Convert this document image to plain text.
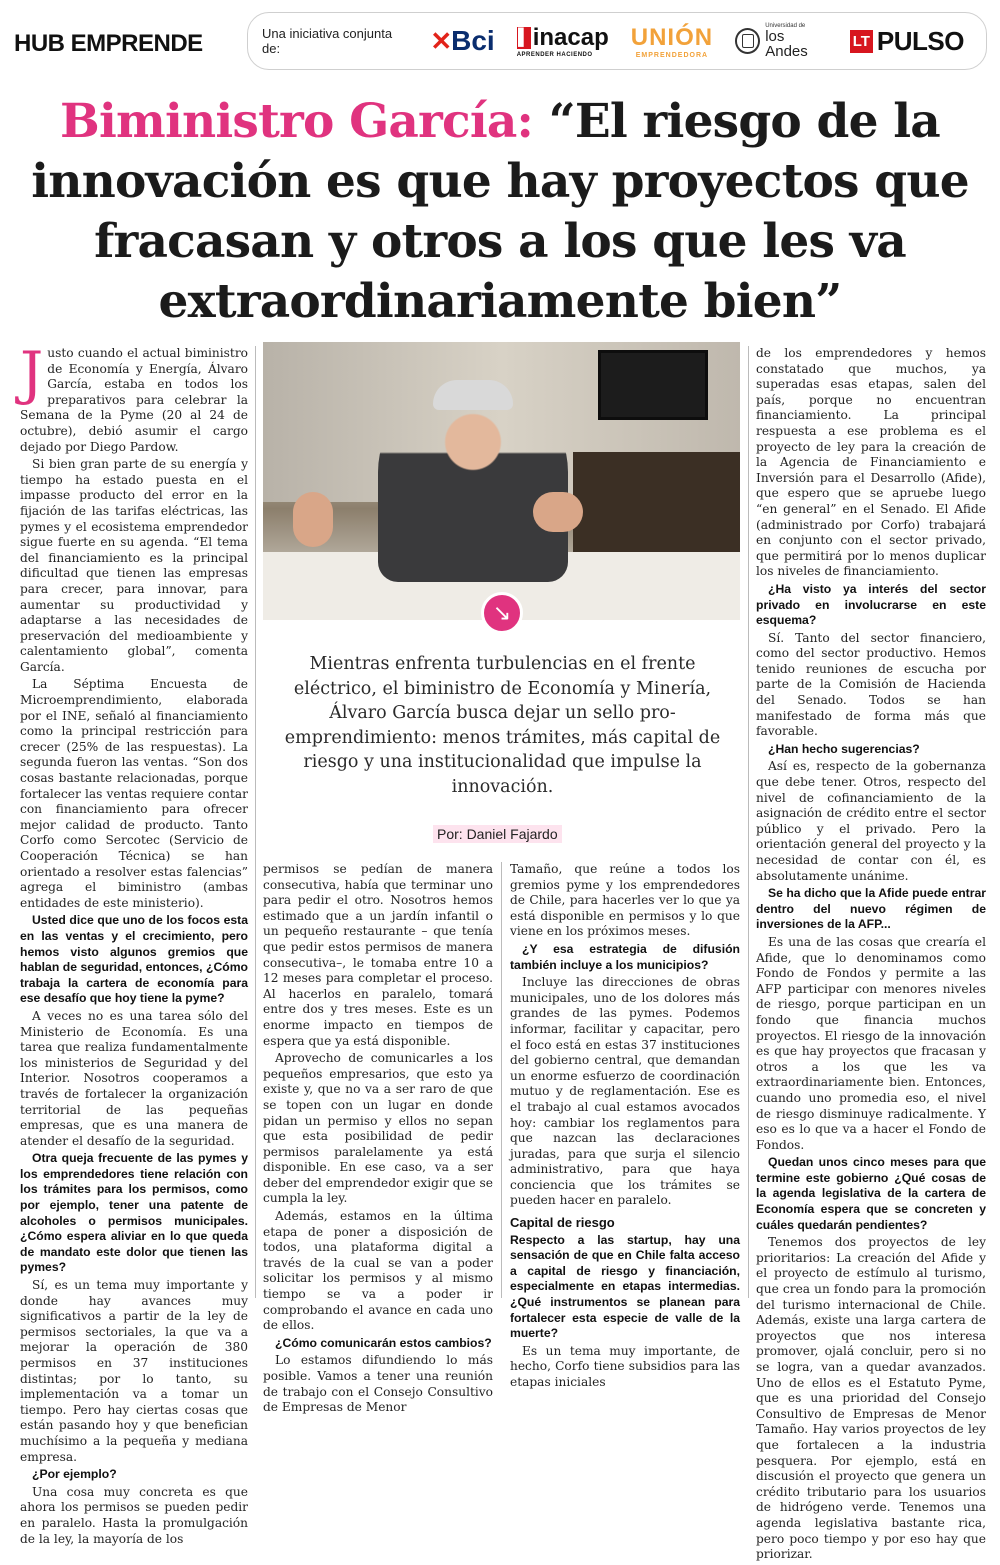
HUB EMPRENDE	Una iniciativa conjunta de:	✕ Bci ▌ inacap
APRENDER HACIENDO
UNIÓN
EMPRENDEDORA
Universidad de
los Andes
LT PULSO
Biministro García: “El riesgo de la innovación es que hay proyectos que fracasan y otros a los que les va extraordinariamente bien”

Justo cuando el actual biministro de Economía y Energía, Álvaro García, estaba en todos los preparativos para celebrar la Semana de la Pyme (20 al 24 de octubre), debió asumir el cargo dejado por Diego Pardow.

Si bien gran parte de su energía y tiempo ha estado puesta en el impasse producto del error en la fijación de las tarifas eléctricas, las pymes y el ecosistema emprendedor sigue fuerte en su agenda. “El tema del financiamiento es la principal dificultad que tienen las empresas para crecer, para innovar, para aumentar su productividad y adaptarse a las necesidades de preservación del medioambiente y calentamiento global”, comenta García.

La Séptima Encuesta de Microemprendimiento, elaborada por el INE, señaló al financiamiento como la principal restricción para crecer (25% de las respuestas). La segunda fueron las ventas. “Son dos cosas bastante relacionadas, porque fortalecer las ventas requiere contar con financiamiento para ofrecer mejor calidad de producto. Tanto Corfo como Sercotec (Servicio de Cooperación Técnica) se han orientado a resolver estas falencias” agrega el biministro (ambas entidades de este ministerio).

Usted dice que uno de los focos esta en las ventas y el crecimiento, pero hemos visto algunos gremios que hablan de seguridad, entonces, ¿Cómo trabaja la cartera de economía para ese desafío que hoy tiene la pyme?

A veces no es una tarea sólo del Ministerio de Economía. Es una tarea que realiza fundamentalmente los ministerios de Seguridad y del Interior. Nosotros cooperamos a través de fortalecer la organización territorial de las pequeñas empresas, que es una manera de atender el desafío de la seguridad.

Otra queja frecuente de las pymes y los emprendedores tiene relación con los trámites para los permisos, como por ejemplo, tener una patente de alcoholes o permisos municipales. ¿Cómo espera aliviar en lo que queda de mandato este dolor que tienen las pymes?

Sí, es un tema muy importante y donde hay avances muy significativos a partir de la ley de permisos sectoriales, la que va a mejorar la operación de 380 permisos en 37 instituciones distintas; por lo tanto, su implementación va a tomar un tiempo. Pero hay ciertas cosas que están pasando hoy y que benefician muchísimo a la pequeña y mediana empresa.

¿Por ejemplo?

Una cosa muy concreta es que ahora los permisos se pueden pedir en paralelo. Hasta la promulgación de la ley, la mayoría de los

↘
Mientras enfrenta turbulencias en el frente eléctrico, el biministro de Economía y Minería, Álvaro García busca dejar un sello pro-emprendimiento: menos trámites, más capital de riesgo y una institucionalidad que impulse la innovación.
Por: Daniel Fajardo

permisos se pedían de manera consecutiva, había que terminar uno para pedir el otro. Nosotros hemos estimado que a un jardín infantil o un pequeño restaurante – que tenía que pedir estos permisos de manera consecutiva–, le tomaba entre 10 a 12 meses para completar el proceso. Al hacerlos en paralelo, tomará entre dos y tres meses. Este es un enorme impacto en tiempos de espera que ya está disponible.

Aprovecho de comunicarles a los pequeños empresarios, que esto ya existe y, que no va a ser raro de que se topen con un lugar en donde pidan un permiso y ellos no sepan que esta posibilidad de pedir permisos paralelamente ya está disponible. En ese caso, va a ser deber del emprendedor exigir que se cumpla la ley.

Además, estamos en la última etapa de poner a disposición de todos, una plataforma digital a través de la cual se van a poder solicitar los permisos y al mismo tiempo se va a poder ir comprobando el avance en cada uno de ellos.

¿Cómo comunicarán estos cambios?

Lo estamos difundiendo lo más posible. Vamos a tener una reunión de trabajo con el Consejo Consultivo de Empresas de Menor

Tamaño, que reúne a todos los gremios pyme y los emprendedores de Chile, para hacerles ver lo que ya está disponible en permisos y lo que viene en los próximos meses.

¿Y esa estrategia de difusión también incluye a los municipios?

Incluye las direcciones de obras municipales, uno de los dolores más grandes de las pymes. Podemos informar, facilitar y capacitar, pero el foco está en estas 37 instituciones del gobierno central, que demandan un enorme esfuerzo de coordinación mutuo y de reglamentación. Ese es el trabajo al cual estamos avocados hoy: cambiar los reglamentos para que nazcan las declaraciones juradas, para que surja el silencio administrativo, para que haya conciencia que los trámites se pueden hacer en paralelo.

Capital de riesgo

Respecto a las startup, hay una sensación de que en Chile falta acceso a capital de riesgo y financiación, especialmente en etapas intermedias. ¿Qué instrumentos se planean para fortalecer esta especie de valle de la muerte?

Es un tema muy importante, de hecho, Corfo tiene subsidios para las etapas iniciales

de los emprendedores y hemos constatado que muchos, ya superadas esas etapas, salen del país, porque no encuentran financiamiento. La principal respuesta a ese problema es el proyecto de ley para la creación de la Agencia de Financiamiento e Inversión para el Desarrollo (Afide), que espero que se apruebe luego “en general” en el Senado. El Afide (administrado por Corfo) trabajará en conjunto con el sector privado, que permitirá por lo menos duplicar los niveles de financiamiento.

¿Ha visto ya interés del sector privado en involucrarse en este esquema?

Sí. Tanto del sector financiero, como del sector productivo. Hemos tenido reuniones de escucha por parte de la Comisión de Hacienda del Senado. Todos se han manifestado de forma más que favorable.

¿Han hecho sugerencias?

Así es, respecto de la gobernanza que debe tener. Otros, respecto del nivel de cofinanciamiento de la asignación de crédito entre el sector público y el privado. Pero la orientación general del proyecto y la necesidad de contar con él, es absolutamente unánime.

Se ha dicho que la Afide puede entrar dentro del nuevo régimen de inversiones de la AFP...

Es una de las cosas que crearía el Afide, que lo denominamos como Fondo de Fondos y permite a las AFP participar con menores niveles de riesgo, porque participan en un fondo que financia muchos proyectos. El riesgo de la innovación es que hay proyectos que fracasan y otros a los que les va extraordinariamente bien. Entonces, cuando uno promedia eso, el nivel de riesgo disminuye radicalmente. Y eso es lo que va a hacer el Fondo de Fondos.

Quedan unos cinco meses para que termine este gobierno ¿Qué cosas de la agenda legislativa de la cartera de Economía espera que se concreten y cuáles quedarán pendientes?

Tenemos dos proyectos de ley prioritarios: La creación del Afide y el proyecto de estímulo al turismo, que crea un fondo para la promoción del turismo internacional de Chile. Además, existe una larga cartera de proyectos que nos interesa promover, ojalá concluir, pero si no se logra, van a quedar avanzados. Uno de ellos es el Estatuto Pyme, que es una prioridad del Consejo Consultivo de Empresas de Menor Tamaño. Hay varios proyectos de ley que fortalecen a la industria pesquera. Por ejemplo, está en discusión el proyecto que genera un crédito tributario para los usuarios de hidrógeno verde. Tenemos una agenda legislativa bastante rica, pero poco tiempo y por eso hay que priorizar.
